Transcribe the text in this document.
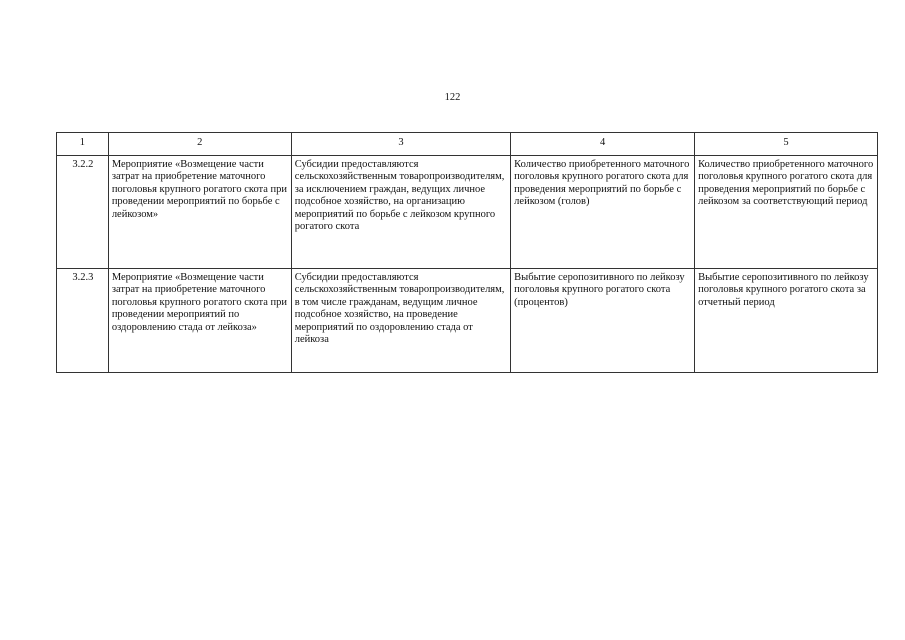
122
1	2	3	4	5
3.2.2	Мероприятие «Возмещение части затрат на приобретение маточного поголовья крупного рогатого скота при проведении мероприятий по борьбе с лейкозом»	Субсидии предоставляются сельскохозяйственным товаропроизводителям, за исключением граждан, ведущих личное подсобное хозяйство, на организацию мероприятий по борьбе с лейкозом крупного рогатого скота	Количество приобретенного маточного поголовья крупного рогатого скота для проведения мероприятий по борьбе с лейкозом (голов)	Количество приобретенного маточного поголовья крупного рогатого скота для проведения мероприятий по борьбе с лейкозом за соответствующий период
3.2.3	Мероприятие «Возмещение части затрат на приобретение маточного поголовья крупного рогатого скота при проведении мероприятий по оздоровлению стада от лейкоза»	Субсидии предоставляются сельскохозяйственным товаропроизводителям, в том числе гражданам, ведущим личное подсобное хозяйство, на проведение мероприятий по оздоровлению стада от лейкоза	Выбытие серопозитивного по лейкозу поголовья крупного рогатого скота (процентов)	Выбытие серопозитивного по лейкозу поголовья крупного рогатого скота за отчетный период
